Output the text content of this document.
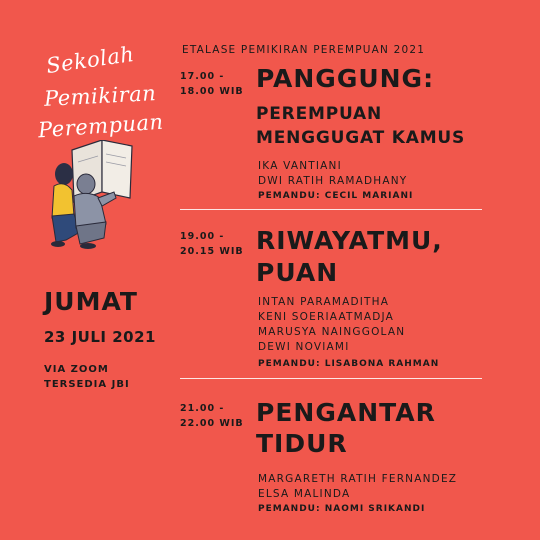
Sekolah
Pemikiran
Perempuan
JUMAT
23 JULI 2021
VIA ZOOM
TERSEDIA JBI
ETALASE PEMIKIRAN PEREMPUAN 2021
17.00 -
18.00 WIB PANGGUNG:
PEREMPUAN
MENGGUGAT KAMUS
IKA VANTIANI
DWI RATIH RAMADHANY
PEMANDU: CECIL MARIANI
19.00 -
20.15 WIB RIWAYATMU,
PUAN
INTAN PARAMADITHA
KENI SOERIAATMADJA
MARUSYA NAINGGOLAN
DEWI NOVIAMI
PEMANDU: LISABONA RAHMAN
21.00 -
22.00 WIB PENGANTAR
TIDUR
MARGARETH RATIH FERNANDEZ
ELSA MALINDA
PEMANDU: NAOMI SRIKANDI
